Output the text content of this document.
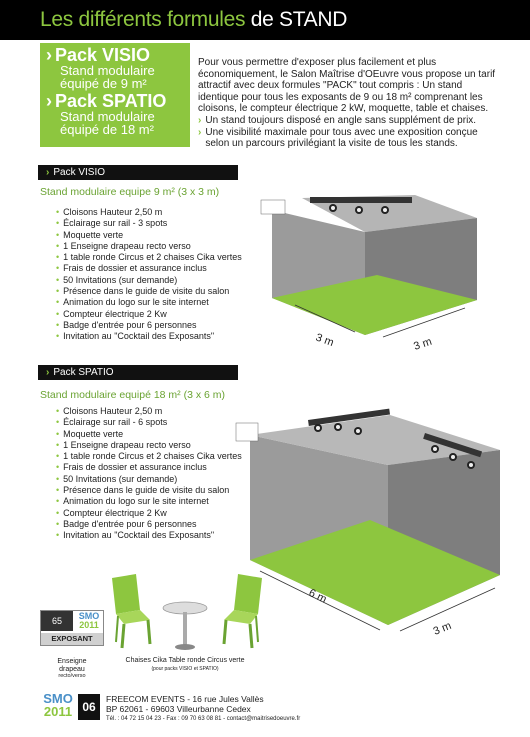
Les différents formules
de STAND
› Pack VISIO
Stand modulaire
équipé de 9 m²
› Pack SPATIO
Stand modulaire
équipé de 18 m²

Pour vous permettre d'exposer plus facilement et plus économiquement, le Salon Maîtrise d'OEuvre vous propose un tarif attractif avec deux formules "PACK" tout compris : Un stand identique pour tous les exposants de 9 ou 18 m² comprenant les cloisons, le compteur électrique 2 kW, moquette, table et chaises.

› Un stand toujours disposé en angle sans supplément de prix.
› Une visibilité maximale pour tous avec une exposition conçue selon un parcours privilégiant la visite de tous les stands.
› Pack VISIO
Stand modulaire equipe 9 m² (3 x 3 m)
• Cloisons Hauteur 2,50 m
• Éclairage sur rail - 3 spots
• Moquette verte
• 1 Enseigne drapeau recto verso
• 1 table ronde Circus et 2 chaises Cika vertes
• Frais de dossier et assurance inclus
• 50 Invitations (sur demande)
• Présence dans le guide de visite du salon
• Animation du logo sur le site internet
• Compteur électrique 2 Kw
• Badge d'entrée pour 6 personnes
• Invitation au "Cocktail des Exposants"	3 m	3 m
› Pack SPATIO
Stand modulaire equipé 18 m² (3 x 6 m)
• Cloisons Hauteur 2,50 m
• Éclairage sur rail - 6 spots
• Moquette verte
• 1 Enseigne drapeau recto verso
• 1 table ronde Circus et 2 chaises Cika vertes
• Frais de dossier et assurance inclus
• 50 Invitations (sur demande)
• Présence dans le guide de visite du salon
• Animation du logo sur le site internet
• Compteur électrique 2 Kw
• Badge d'entrée pour 6 personnes
• Invitation au "Cocktail des Exposants"
6 m
3 m
65	SMO
2011
EXPOSANT
Enseigne
drapeau
recto/verso
Chaises Cika Table ronde Circus verte
(pour packs VISIO et SPATIO)
SMO
2011 06
FREECOM EVENTS - 16 rue Jules Vallès
BP 62061 - 69603 Villeurbanne Cedex
Tél. : 04 72 15 04 23 - Fax : 09 70 63 08 81 - contact@maitrisedoeuvre.fr
